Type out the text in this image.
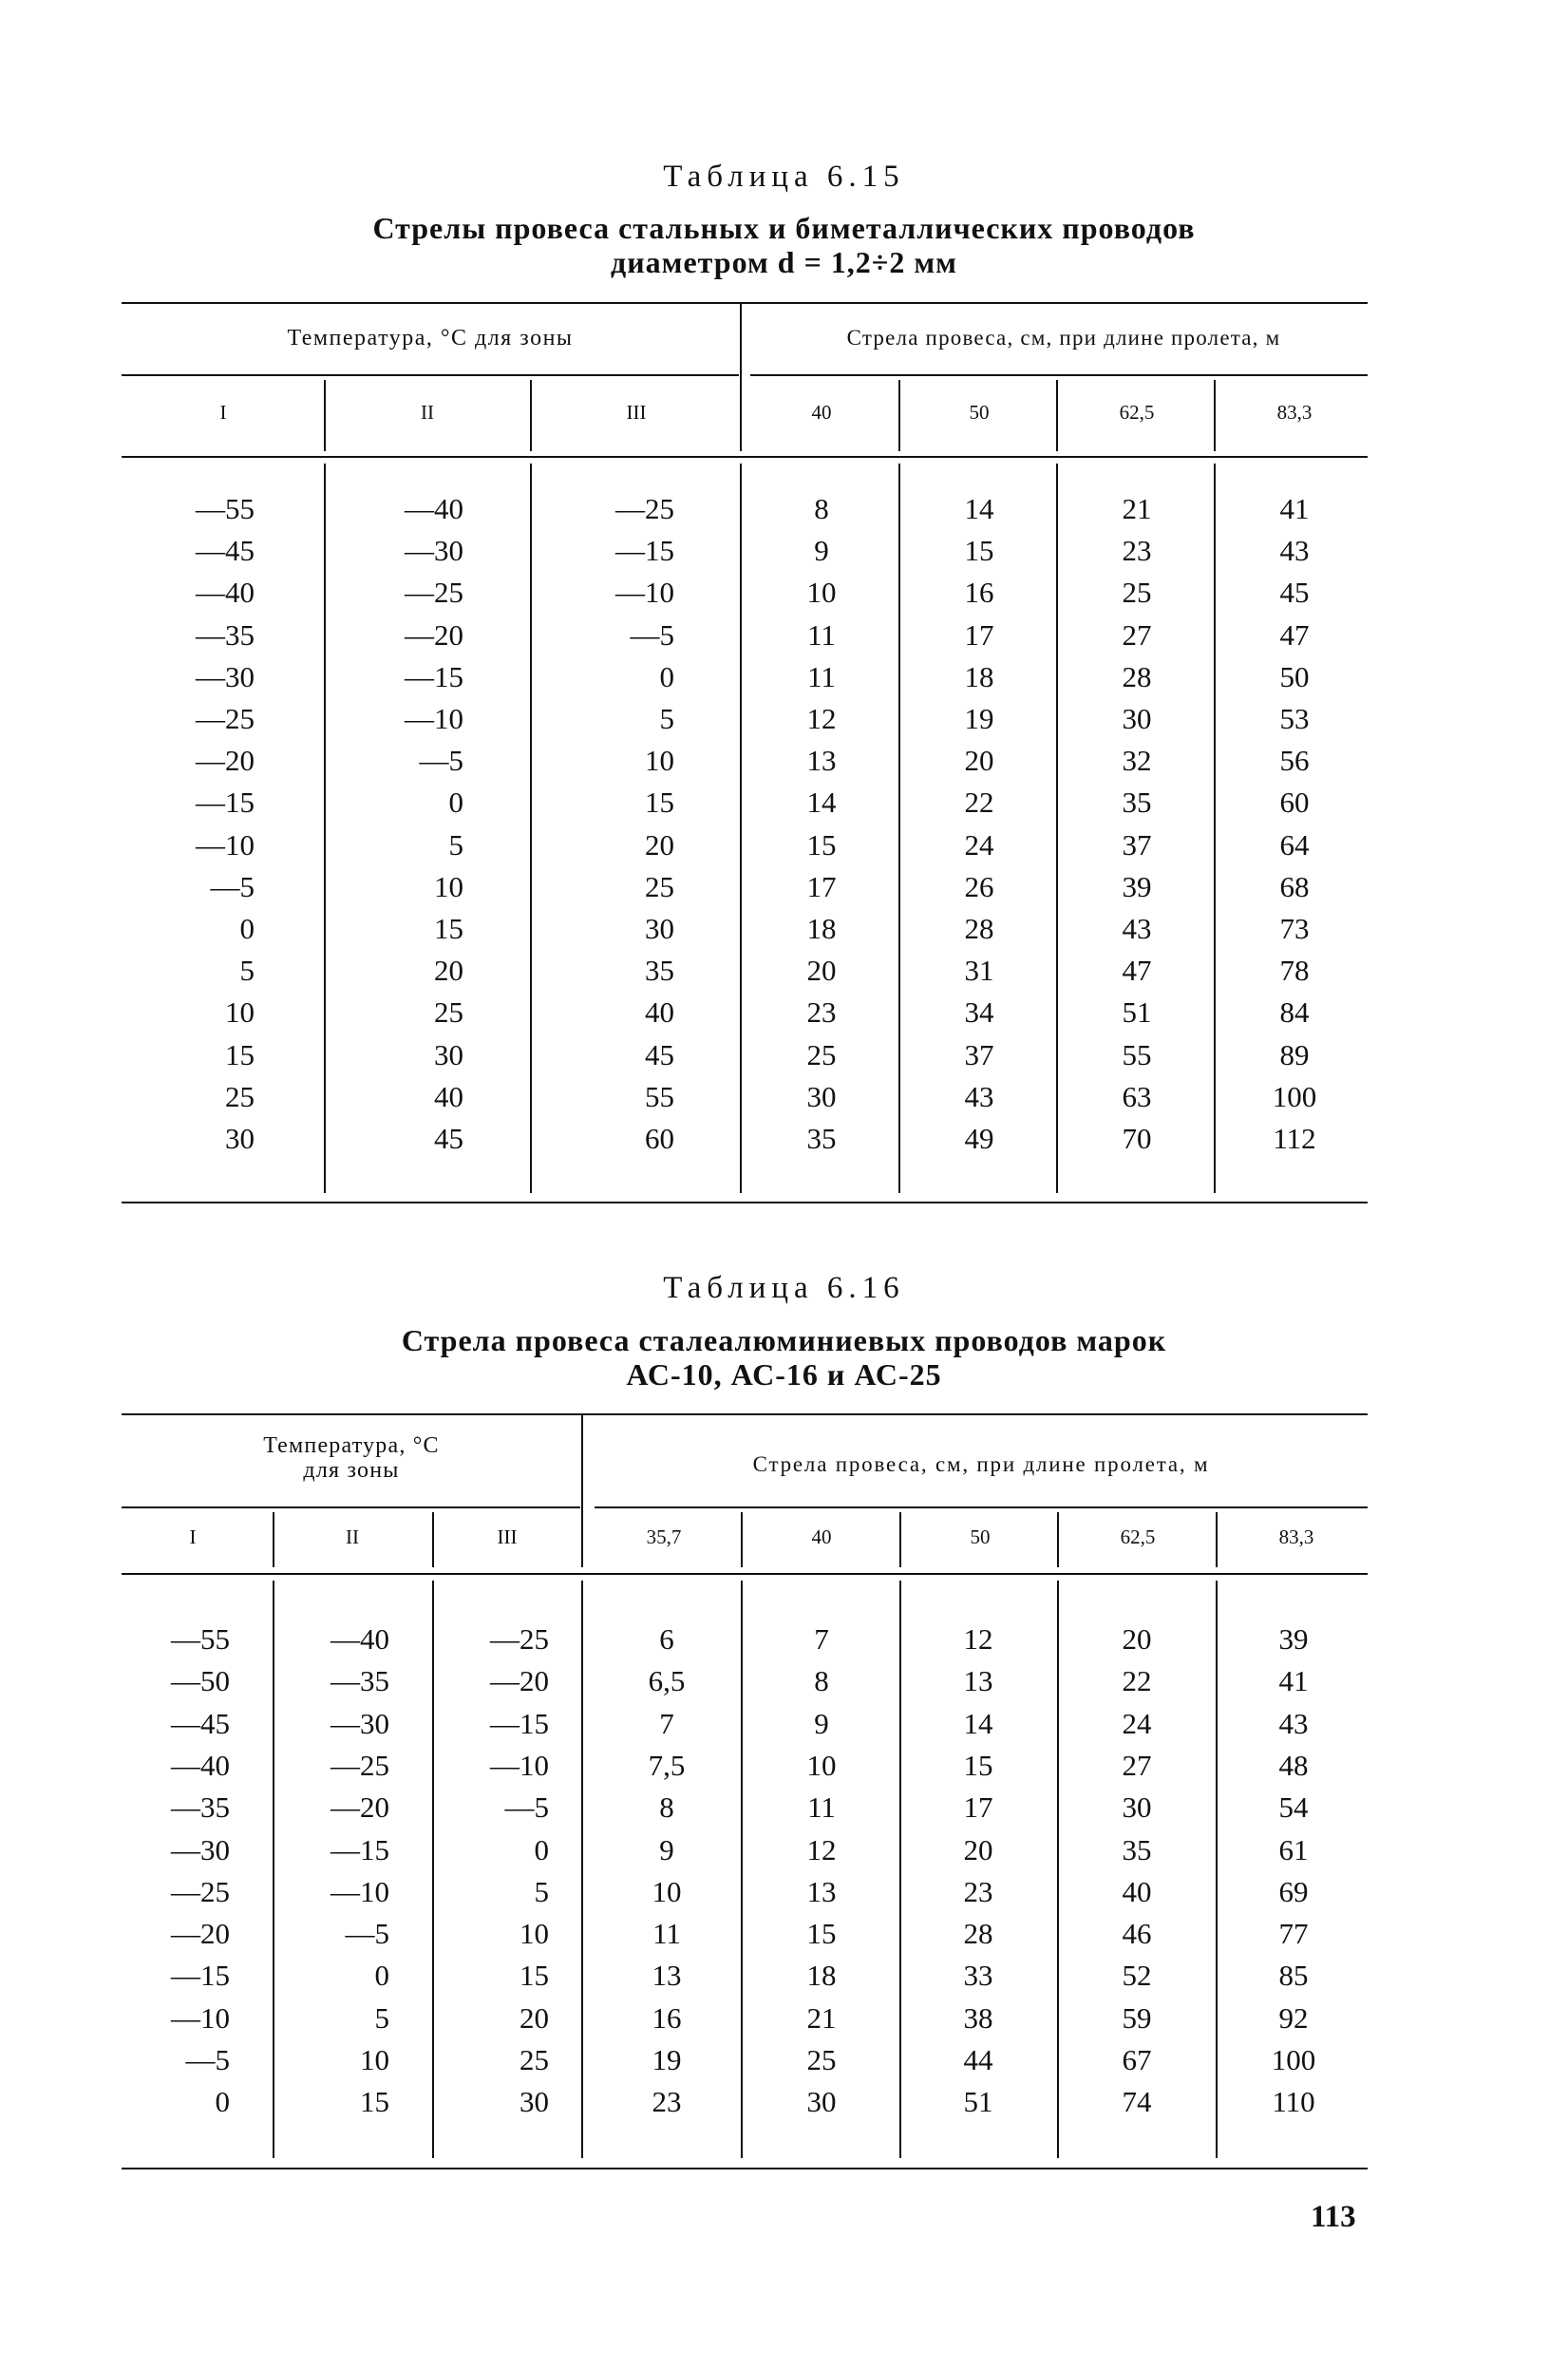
Таблица 6.15
Стрелы провеса стальных и биметаллических проводов
диаметром d = 1,2÷2 мм
Температура, °С для зоны	Стрела провеса, см, при длине пролета, м
I	II	III	40	50	62,5	83,3
—55	—40	—25	8	14	21	41
—45	—30	—15	9	15	23	43
—40	—25	—10	10	16	25	45
—35	—20	—5	11	17	27	47
—30	—15	0	11	18	28	50
—25	—10	5	12	19	30	53
—20	—5	10	13	20	32	56
—15	0	15	14	22	35	60
—10	5	20	15	24	37	64
—5	10	25	17	26	39	68
0	15	30	18	28	43	73
5	20	35	20	31	47	78
10	25	40	23	34	51	84
15	30	45	25	37	55	89
25	40	55	30	43	63	100
30	45	60	35	49	70	112
Таблица 6.16
Стрела провеса сталеалюминиевых проводов марок
АС-10, АС-16 и АС-25
Температура, °С
для зоны	Стрела провеса, см, при длине пролета, м
I	II	III	35,7	40	50	62,5	83,3
—55	—40	—25	6	7	12	20	39
—50	—35	—20	6,5	8	13	22	41
—45	—30	—15	7	9	14	24	43
—40	—25	—10	7,5	10	15	27	48
—35	—20	—5	8	11	17	30	54
—30	—15	0	9	12	20	35	61
—25	—10	5	10	13	23	40	69
—20	—5	10	11	15	28	46	77
—15	0	15	13	18	33	52	85
—10	5	20	16	21	38	59	92
—5	10	25	19	25	44	67	100
0	15	30	23	30	51	74	110
113
